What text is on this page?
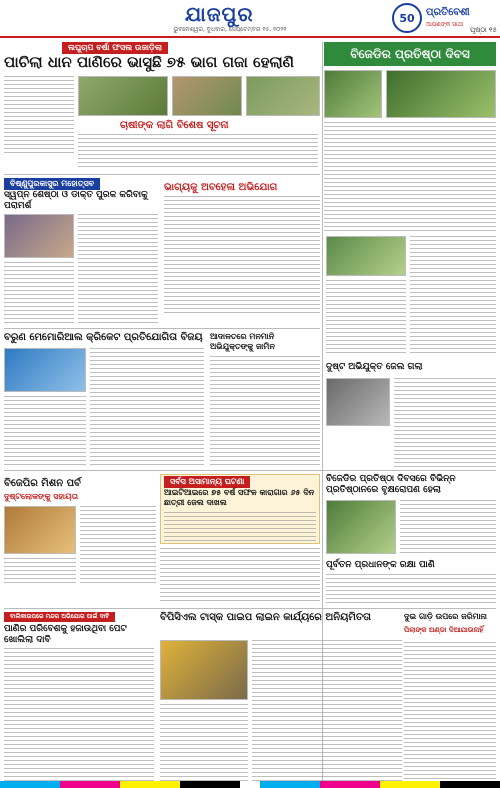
ଯାଜପୁର
ଭୁବନେଶ୍ୱର, ବୁଧବାର, ସେପ୍ଟେମ୍ବର ୧୫, ୨୦୨୧
50	ପ୍ରତିବେଶୀ
ଆପଣଙ୍କ ସାଥୀ
ପୃଷ୍ଠା ୧୫
ଲଘୁଚାପ ବର୍ଷା ଫସଲ ଉଜାଡ଼ିଲା
ପାଚିଲା ଧାନ ପାଣିରେ ଭାସୁଛି ୭୫ ଭାଗ ଗଜା ହେଲାଣି
ଚାଷୀଙ୍କ ଲାଗି ବିଶେଷ ସୂଚନା
ବିଜେଡିର ପ୍ରତିଷ୍ଠା ଦିବସ
ବିଷ୍ଣୁପୁରକାସୁର ମହୋତ୍ସବ
ସ୍ୱପ୍ନ ଶେଷ୍ଠା ଓ ଡାକ୍ତ ପୁରକ କରିବାକୁ ପରାମର୍ଶ
ଭାଗ୍ୟକୁ ଅବହେଳା ଅଭିଯୋଗ
ବରୁଣ ମେମୋରିଆଲ କ୍ରିକେଟ ପ୍ରତିଯୋଗିତା ବିଜୟ ଆଦାଳତରେ ମନମାନି ଅଭିଯୁକ୍ତଙ୍କୁ ଜାମିନ
ଦୁଷ୍ଟ ଅଭିଯୁକ୍ତ ଜେଲ ଗଲା
ସର୍ବସ ଅସାମାନ୍ୟ ଘଟଣା
ଆଇଟିଆଇରେ ୭୫ ବର୍ଷ ସଫଳ କାରାଗାର ୬୫ ଦିନ ଛାତ୍ରୀ ଜେଲ ଦାଖଲ
ବିଜେପିର ମିଶନ ପର୍ବ
ଦୁଷ୍ଟଲୋକଙ୍କୁ ସହାୟତା
ବିଜେଡିର ପ୍ରତିଷ୍ଠା ଦିବସରେ ବିଭିନ୍ନ ପ୍ରତିଷ୍ଠାନରେ ବୃକ୍ଷରୋପଣ ହେଲା
ପୂର୍ବତନ ପ୍ରଧାନଙ୍କ ରକ୍ଷା ପାଣି
ବାଲିକାଉପରେ ମନ୍ଦର ଅଭିଯୋଗ ପାଇଁ ଦାବି
ପାଣିର ପରିବେଶକୁ ହଜାଉଥିବା ପେଟ ଖୋଲିଲା ଦାବି
ବିପିସିଏଲ ଟାସ୍କ ପାଇପ ଲାଇନ କାର୍ଯ୍ୟରେ ଅନିୟମିତତା	ଦୁଇ ଗାଡ଼ି ଉପରେ ଜରିମାନା
ପିଲାଙ୍କ ଅଣ୍ଡା ଦିଆଯାଉନାହିଁ
